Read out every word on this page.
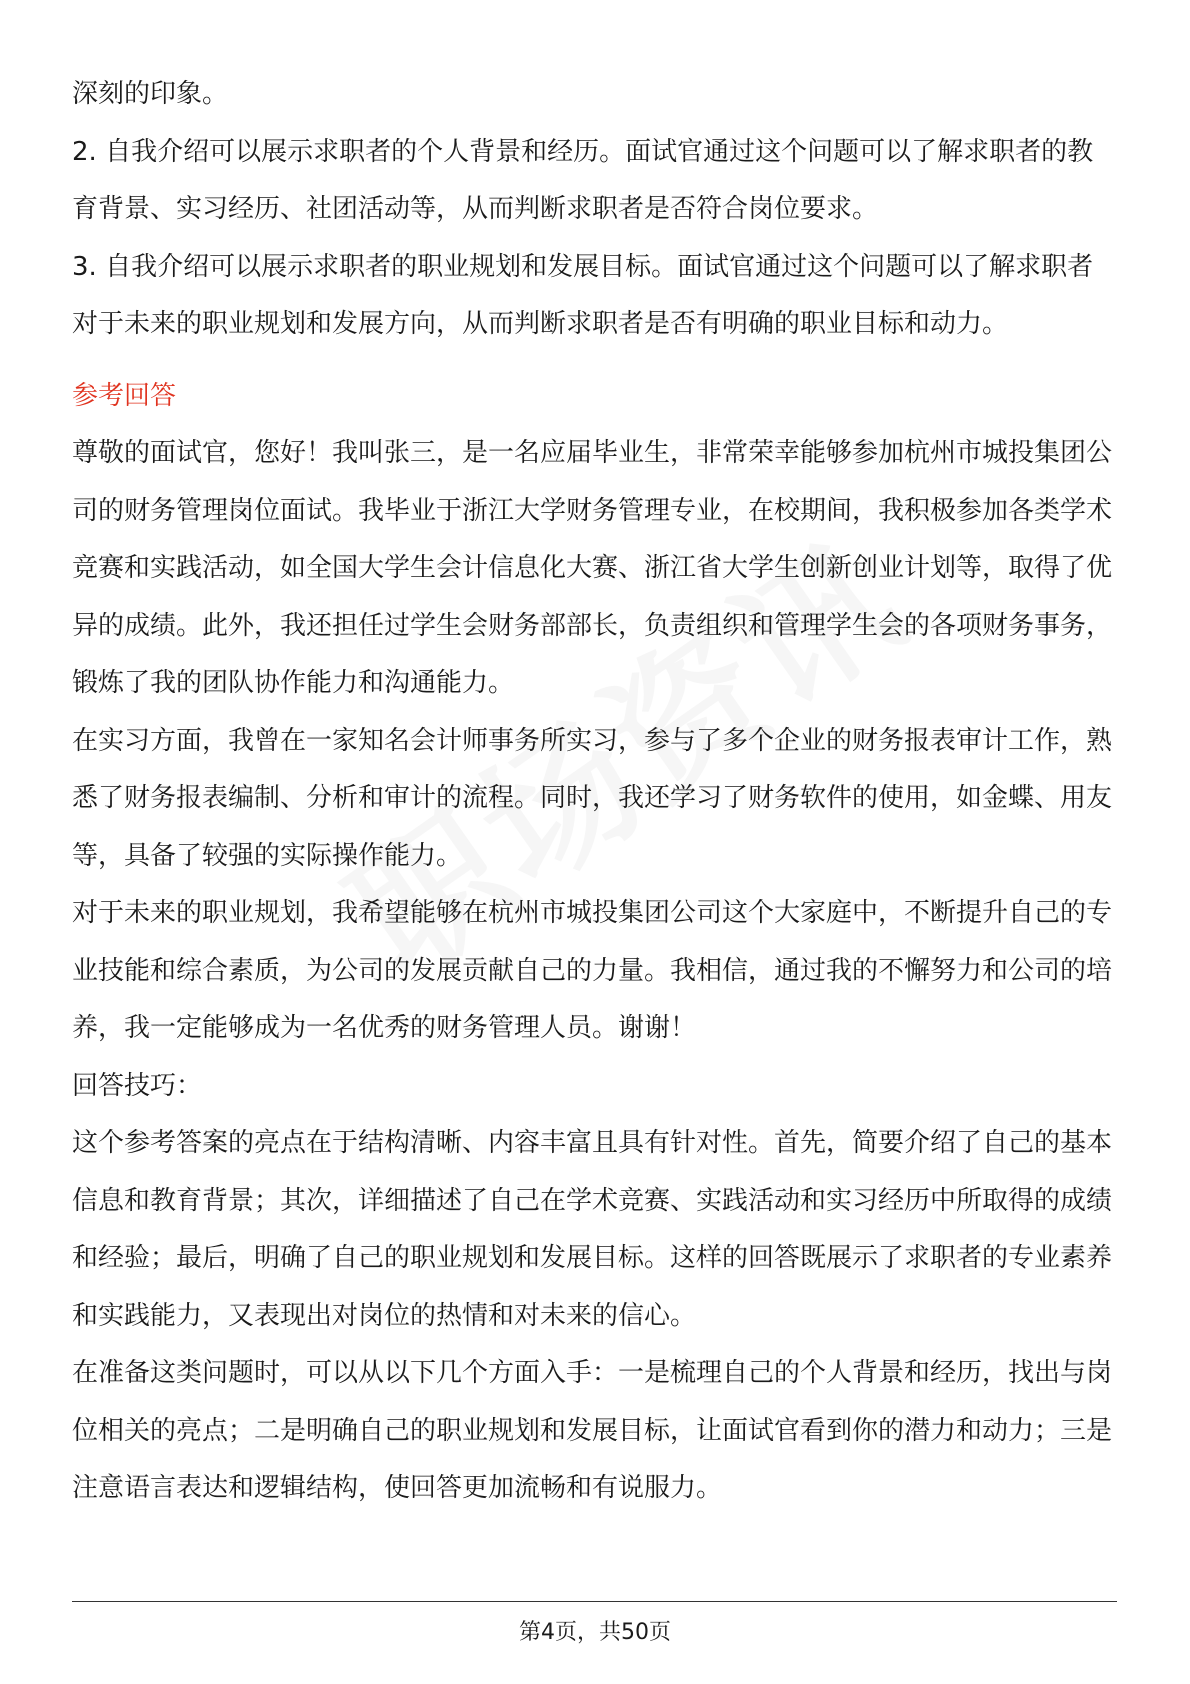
深刻的印象。

2. 自我介绍可以展示求职者的个人背景和经历。面试官通过这个问题可以了解求职者的教育背景、实习经历、社团活动等，从而判断求职者是否符合岗位要求。

3. 自我介绍可以展示求职者的职业规划和发展目标。面试官通过这个问题可以了解求职者对于未来的职业规划和发展方向，从而判断求职者是否有明确的职业目标和动力。

参考回答

尊敬的面试官，您好！我叫张三，是一名应届毕业生，非常荣幸能够参加杭州市城投集团公司的财务管理岗位面试。我毕业于浙江大学财务管理专业，在校期间，我积极参加各类学术竞赛和实践活动，如全国大学生会计信息化大赛、浙江省大学生创新创业计划等，取得了优异的成绩。此外，我还担任过学生会财务部部长，负责组织和管理学生会的各项财务事务，锻炼了我的团队协作能力和沟通能力。

在实习方面，我曾在一家知名会计师事务所实习，参与了多个企业的财务报表审计工作，熟悉了财务报表编制、分析和审计的流程。同时，我还学习了财务软件的使用，如金蝶、用友等，具备了较强的实际操作能力。

对于未来的职业规划，我希望能够在杭州市城投集团公司这个大家庭中，不断提升自己的专业技能和综合素质，为公司的发展贡献自己的力量。我相信，通过我的不懈努力和公司的培养，我一定能够成为一名优秀的财务管理人员。谢谢！

回答技巧：

这个参考答案的亮点在于结构清晰、内容丰富且具有针对性。首先，简要介绍了自己的基本信息和教育背景；其次，详细描述了自己在学术竞赛、实践活动和实习经历中所取得的成绩和经验；最后，明确了自己的职业规划和发展目标。这样的回答既展示了求职者的专业素养和实践能力，又表现出对岗位的热情和对未来的信心。

在准备这类问题时，可以从以下几个方面入手：一是梳理自己的个人背景和经历，找出与岗位相关的亮点；二是明确自己的职业规划和发展目标，让面试官看到你的潜力和动力；三是注意语言表达和逻辑结构，使回答更加流畅和有说服力。

第4页，共50页
